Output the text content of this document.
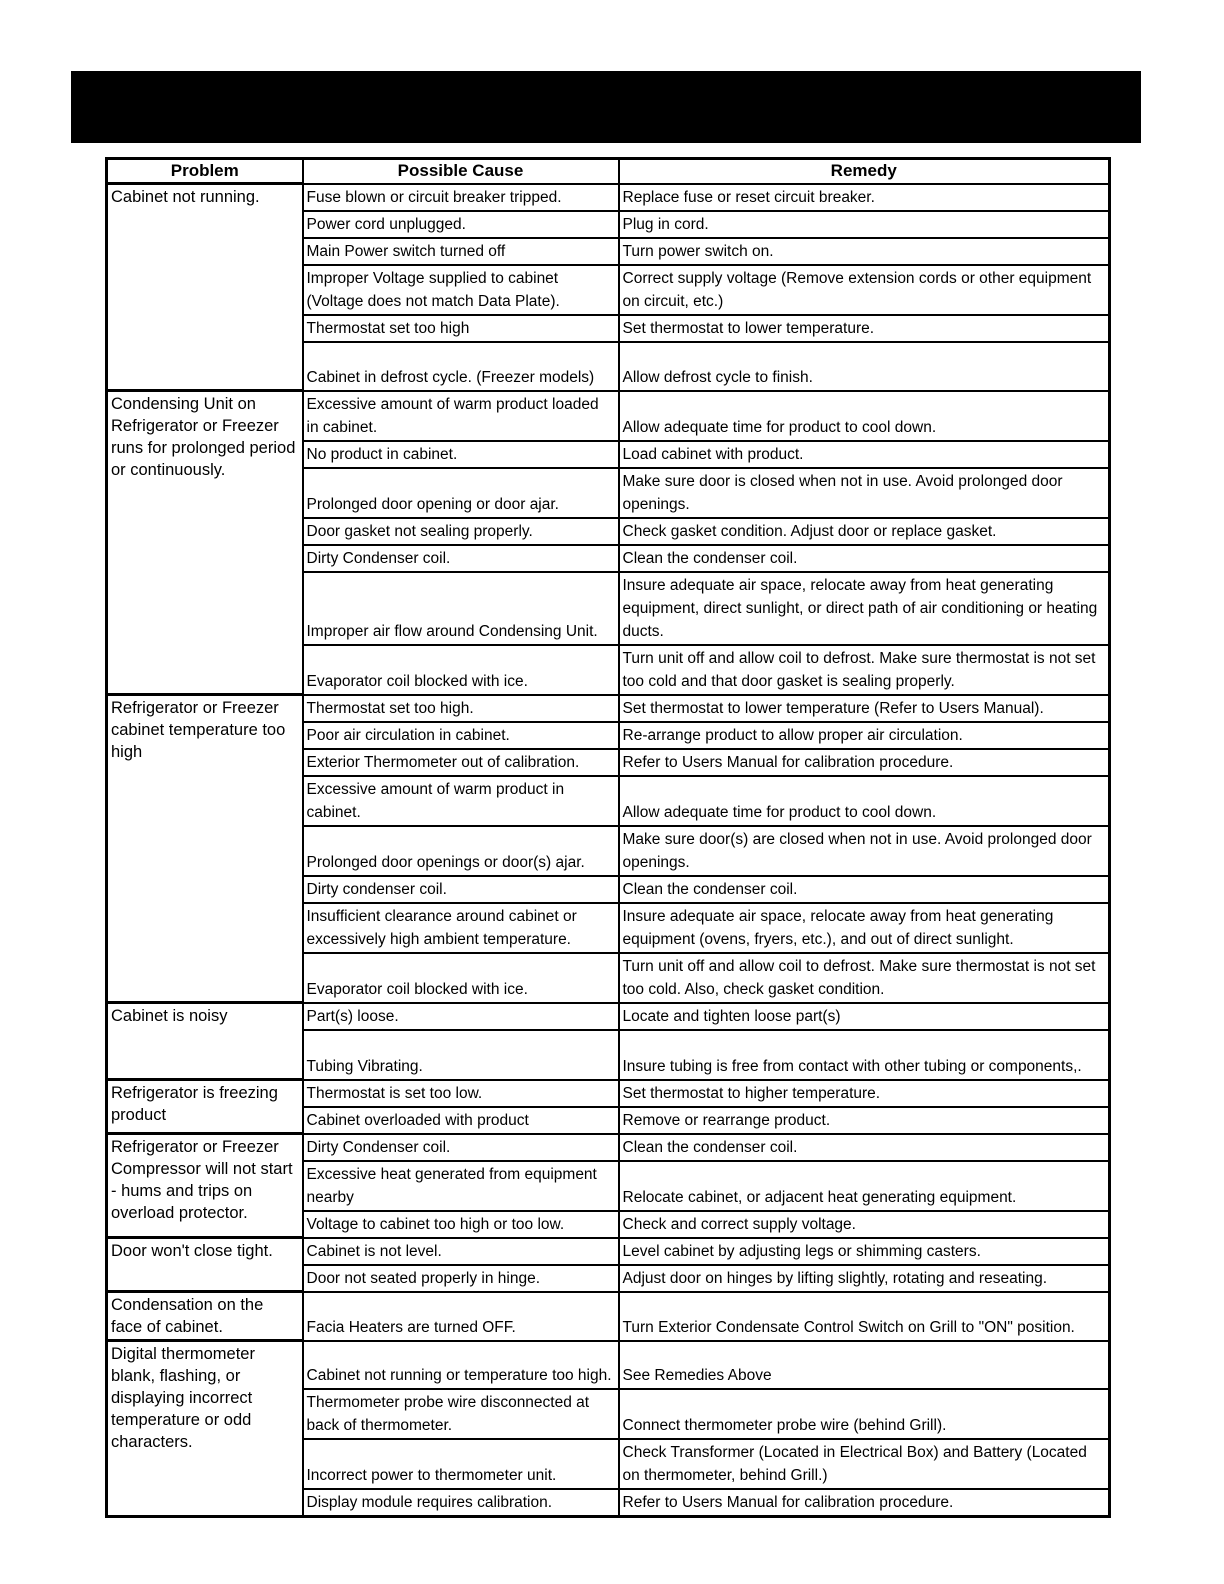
Problem	Possible Cause	Remedy
Cabinet not running.	Fuse blown or circuit breaker tripped.	Replace fuse or reset circuit breaker.
	Power cord unplugged.	Plug in cord.
	Main Power switch turned off	Turn power switch on.
	Improper Voltage supplied to cabinet (Voltage does not match Data Plate).	Correct supply voltage (Remove extension cords or other equipment on circuit, etc.)
	Thermostat set too high	Set thermostat to lower temperature.
	Cabinet in defrost cycle. (Freezer models)	Allow defrost cycle to finish.
Condensing Unit on Refrigerator or Freezer runs for prolonged period or continuously.	Excessive amount of warm product loaded in cabinet.	Allow adequate time for product to cool down.
	No product in cabinet.	Load cabinet with product.
	Prolonged door opening or door ajar.	Make sure door is closed when not in use. Avoid prolonged door openings.
	Door gasket not sealing properly.	Check gasket condition. Adjust door or replace gasket.
	Dirty Condenser coil.	Clean the condenser coil.
	Improper air flow around Condensing Unit.	Insure adequate air space, relocate away from heat generating equipment, direct sunlight, or direct path of air conditioning or heating ducts.
	Evaporator coil blocked with ice.	Turn unit off and allow coil to defrost. Make sure thermostat is not set too cold and that door gasket is sealing properly.
Refrigerator or Freezer cabinet temperature too high	Thermostat set too high.	Set thermostat to lower temperature (Refer to Users Manual).
	Poor air circulation in cabinet.	Re-arrange product to allow proper air circulation.
	Exterior Thermometer out of calibration.	Refer to Users Manual for calibration procedure.
	Excessive amount of warm product in cabinet.	Allow adequate time for product to cool down.
	Prolonged door openings or door(s) ajar.	Make sure door(s) are closed when not in use. Avoid prolonged door openings.
	Dirty condenser coil.	Clean the condenser coil.
	Insufficient clearance around cabinet or excessively high ambient temperature.	Insure adequate air space, relocate away from heat generating equipment (ovens, fryers, etc.), and out of direct sunlight.
	Evaporator coil blocked with ice.	Turn unit off and allow coil to defrost. Make sure thermostat is not set too cold. Also, check gasket condition.
Cabinet is noisy	Part(s) loose.	Locate and tighten loose part(s)
	Tubing Vibrating.	Insure tubing is free from contact with other tubing or components,.
Refrigerator is freezing product	Thermostat is set too low.	Set thermostat to higher temperature.
	Cabinet overloaded with product	Remove or rearrange product.
Refrigerator or Freezer Compressor will not start - hums and trips on overload protector.	Dirty Condenser coil.	Clean the condenser coil.
	Excessive heat generated from equipment nearby	Relocate cabinet, or adjacent heat generating equipment.
	Voltage to cabinet too high or too low.	Check and correct supply voltage.
Door won't close tight.	Cabinet is not level.	Level cabinet by adjusting legs or shimming casters.
	Door not seated properly in hinge.	Adjust door on hinges by lifting slightly, rotating and reseating.
Condensation on the face of cabinet.	Facia Heaters are turned OFF.	Turn Exterior Condensate Control Switch on Grill to "ON" position.
Digital thermometer blank, flashing, or displaying incorrect temperature or odd characters.	Cabinet not running or temperature too high.	See Remedies Above
	Thermometer probe wire disconnected at back of thermometer.	Connect thermometer probe wire (behind Grill).
	Incorrect power to thermometer unit.	Check Transformer (Located in Electrical Box) and Battery (Located on thermometer, behind Grill.)
	Display module requires calibration.	Refer to Users Manual for calibration procedure.
